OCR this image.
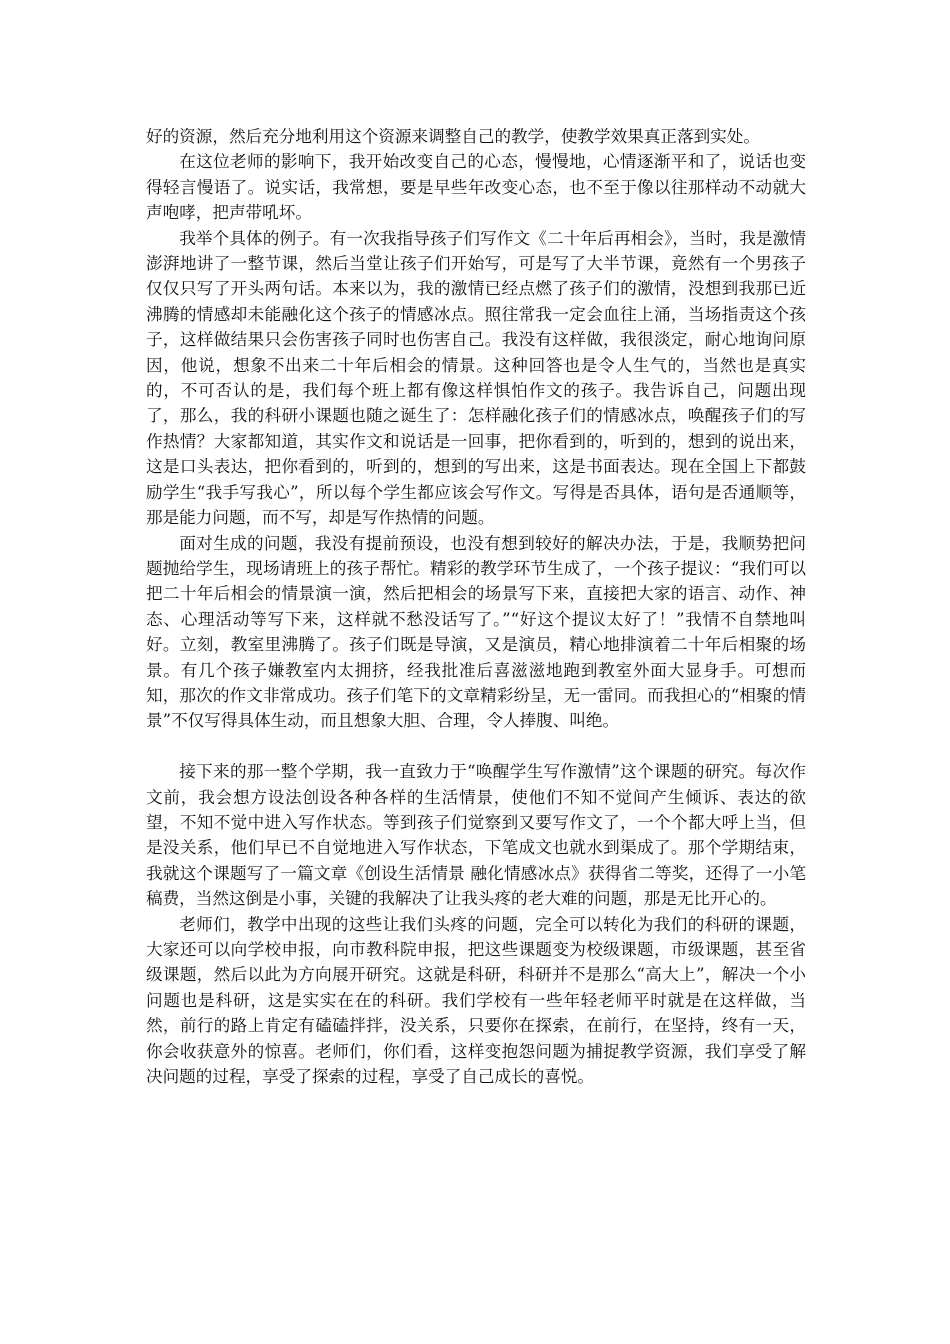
好的资源，然后充分地利用这个资源来调整自己的教学，使教学效果真正落到实处。

在这位老师的影响下，我开始改变自己的心态，慢慢地，心情逐渐平和了，说话也变得轻言慢语了。说实话，我常想，要是早些年改变心态，也不至于像以往那样动不动就大声咆哮，把声带吼坏。

我举个具体的例子。有一次我指导孩子们写作文《二十年后再相会》，当时，我是激情澎湃地讲了一整节课，然后当堂让孩子们开始写，可是写了大半节课，竟然有一个男孩子仅仅只写了开头两句话。本来以为，我的激情已经点燃了孩子们的激情，没想到我那已近沸腾的情感却未能融化这个孩子的情感冰点。照往常我一定会血往上涌，当场指责这个孩子，这样做结果只会伤害孩子同时也伤害自己。我没有这样做，我很淡定，耐心地询问原因，他说，想象不出来二十年后相会的情景。这种回答也是令人生气的，当然也是真实的，不可否认的是，我们每个班上都有像这样惧怕作文的孩子。我告诉自己，问题出现了，那么，我的科研小课题也随之诞生了：怎样融化孩子们的情感冰点，唤醒孩子们的写作热情？大家都知道，其实作文和说话是一回事，把你看到的，听到的，想到的说出来，这是口头表达，把你看到的，听到的，想到的写出来，这是书面表达。现在全国上下都鼓励学生“我手写我心”，所以每个学生都应该会写作文。写得是否具体，语句是否通顺等，那是能力问题，而不写，却是写作热情的问题。

面对生成的问题，我没有提前预设，也没有想到较好的解决办法，于是，我顺势把问题抛给学生，现场请班上的孩子帮忙。精彩的教学环节生成了，一个孩子提议：“我们可以把二十年后相会的情景演一演，然后把相会的场景写下来，直接把大家的语言、动作、神态、心理活动等写下来，这样就不愁没话写了。”“好这个提议太好了！”我情不自禁地叫好。立刻，教室里沸腾了。孩子们既是导演，又是演员，精心地排演着二十年后相聚的场景。有几个孩子嫌教室内太拥挤，经我批准后喜滋滋地跑到教室外面大显身手。可想而知，那次的作文非常成功。孩子们笔下的文章精彩纷呈，无一雷同。而我担心的“相聚的情景”不仅写得具体生动，而且想象大胆、合理，令人捧腹、叫绝。

接下来的那一整个学期，我一直致力于“唤醒学生写作激情”这个课题的研究。每次作文前，我会想方设法创设各种各样的生活情景，使他们不知不觉间产生倾诉、表达的欲望，不知不觉中进入写作状态。等到孩子们觉察到又要写作文了，一个个都大呼上当，但是没关系，他们早已不自觉地进入写作状态，下笔成文也就水到渠成了。那个学期结束，我就这个课题写了一篇文章《创设生活情景 融化情感冰点》获得省二等奖，还得了一小笔稿费，当然这倒是小事，关键的我解决了让我头疼的老大难的问题，那是无比开心的。

老师们，教学中出现的这些让我们头疼的问题，完全可以转化为我们的科研的课题，大家还可以向学校申报，向市教科院申报，把这些课题变为校级课题，市级课题，甚至省级课题，然后以此为方向展开研究。这就是科研，科研并不是那么“高大上”，解决一个小问题也是科研，这是实实在在的科研。我们学校有一些年轻老师平时就是在这样做，当然，前行的路上肯定有磕磕拌拌，没关系，只要你在探索，在前行，在坚持，终有一天，你会收获意外的惊喜。老师们，你们看，这样变抱怨问题为捕捉教学资源，我们享受了解决问题的过程，享受了探索的过程，享受了自己成长的喜悦。
